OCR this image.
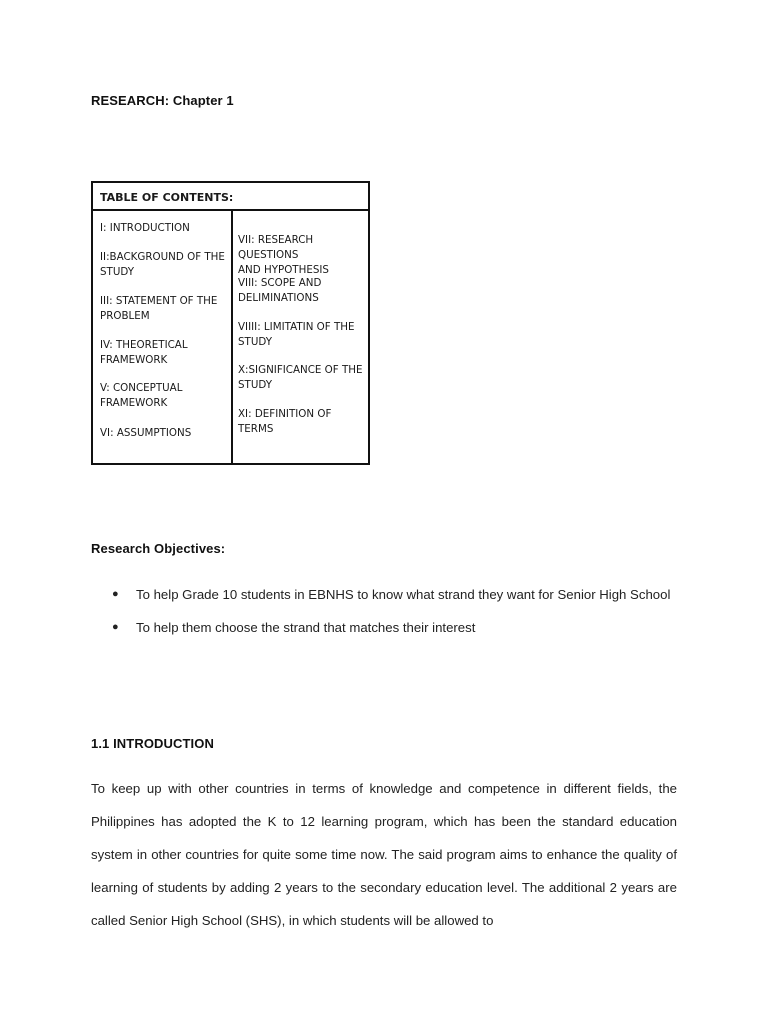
RESEARCH: Chapter 1
TABLE OF CONTENTS:
I: INTRODUCTION
II:BACKGROUND OF THE
STUDY
III: STATEMENT OF THE
PROBLEM
IV: THEORETICAL
FRAMEWORK
V: CONCEPTUAL
FRAMEWORK
VI: ASSUMPTIONS
VII: RESEARCH QUESTIONS
AND HYPOTHESIS
VIII: SCOPE AND
DELIMINATIONS
VIIII: LIMITATIN OF THE
STUDY
X:SIGNIFICANCE OF THE
STUDY
XI: DEFINITION OF TERMS
Research Objectives:
● To help Grade 10 students in EBNHS to know what strand they want for Senior High School
● To help them choose the strand that matches their interest
1.1 INTRODUCTION

To keep up with other countries in terms of knowledge and competence in different fields, the Philippines has adopted the K to 12 learning program, which has been the standard education system in other countries for quite some time now. The said program aims to enhance the quality of learning of students by adding 2 years to the secondary education level. The additional 2 years are called Senior High School (SHS), in which students will be allowed to
